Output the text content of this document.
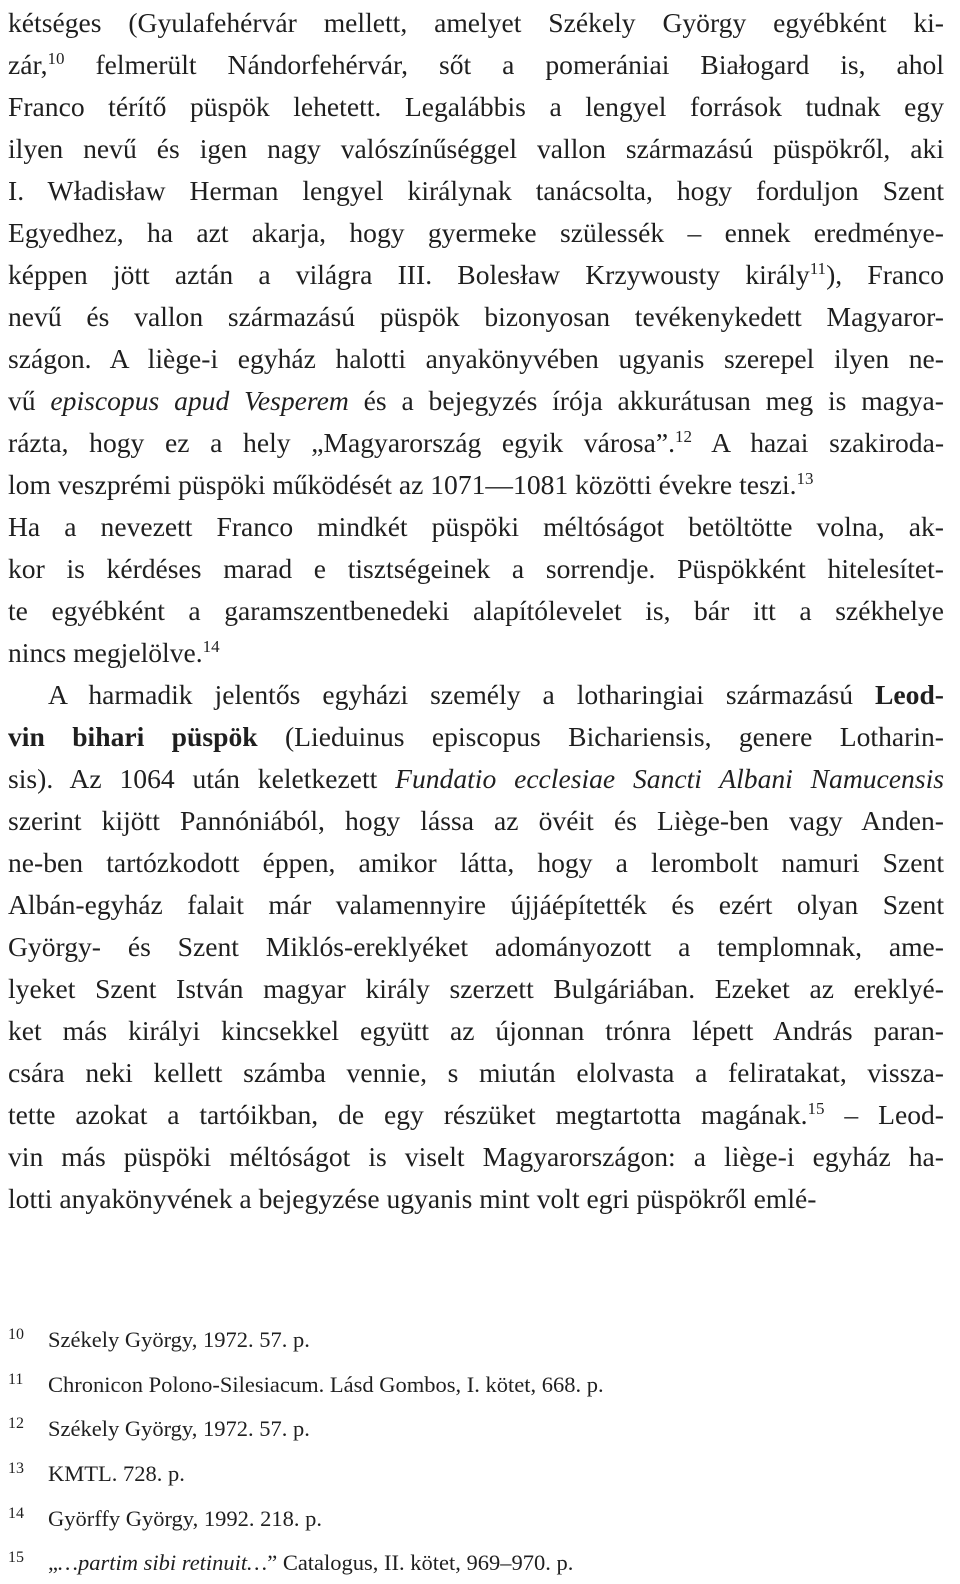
kétséges (Gyulafehérvár mellett, amelyet Székely György egyébként ki-
zár,$^{10}$ felmerült Nándorfehérvár, sőt a pomerániai Białogard is, ahol
Franco térítő püspök lehetett. Legalábbis a lengyel források tudnak egy
ilyen nevű és igen nagy valószínűséggel vallon származású püspökről, aki
I. Władisław Herman lengyel királynak tanácsolta, hogy forduljon Szent
Egyedhez, ha azt akarja, hogy gyermeke szülessék – ennek eredménye-
képpen jött aztán a világra III. Bolesław Krzywousty király$^{11}$), Franco
nevű és vallon származású püspök bizonyosan tevékenykedett Magyaror-
szágon. A liège-i egyház halotti anyakönyvében ugyanis szerepel ilyen ne-
vű episcopus apud Vesperem és a bejegyzés írója akkurátusan meg is magya-
rázta, hogy ez a hely „Magyarország egyik városa”.$^{12}$ A hazai szakiroda-
lom veszprémi püspöki működését az 1071—1081 közötti évekre teszi.$^{13}$
Ha a nevezett Franco mindkét püspöki méltóságot betöltötte volna, ak-
kor is kérdéses marad e tisztségeinek a sorrendje. Püspökként hitelesítet-
te egyébként a garamszentbenedeki alapítólevelet is, bár itt a székhelye
nincs megjelölve.$^{14}$
A harmadik jelentős egyházi személy a lotharingiai származású Leod-
vin bihari püspök (Lieduinus episcopus Bichariensis, genere Lotharin-
sis). Az 1064 után keletkezett Fundatio ecclesiae Sancti Albani Namucensis
szerint kijött Pannóniából, hogy lássa az övéit és Liège-ben vagy Anden-
ne-ben tartózkodott éppen, amikor látta, hogy a lerombolt namuri Szent
Albán-egyház falait már valamennyire újjáépítették és ezért olyan Szent
György- és Szent Miklós-ereklyéket adományozott a templomnak, ame-
lyeket Szent István magyar király szerzett Bulgáriában. Ezeket az ereklyé-
ket más királyi kincsekkel együtt az újonnan trónra lépett András paran-
csára neki kellett számba vennie, s miután elolvasta a feliratakat, vissza-
tette azokat a tartóikban, de egy részüket megtartotta magának.$^{15}$ – Leod-
vin más püspöki méltóságot is viselt Magyarországon: a liège-i egyház ha-
lotti anyakönyvének a bejegyzése ugyanis mint volt egri püspökről emlé-
10 Székely György, 1972. 57. p.
11 Chronicon Polono-Silesiacum. Lásd Gombos, I. kötet, 668. p.
12 Székely György, 1972. 57. p.
13 KMTL. 728. p.
14 Györffy György, 1992. 218. p.
15 „…partim sibi retinuit…” Catalogus, II. kötet, 969–970. p.
